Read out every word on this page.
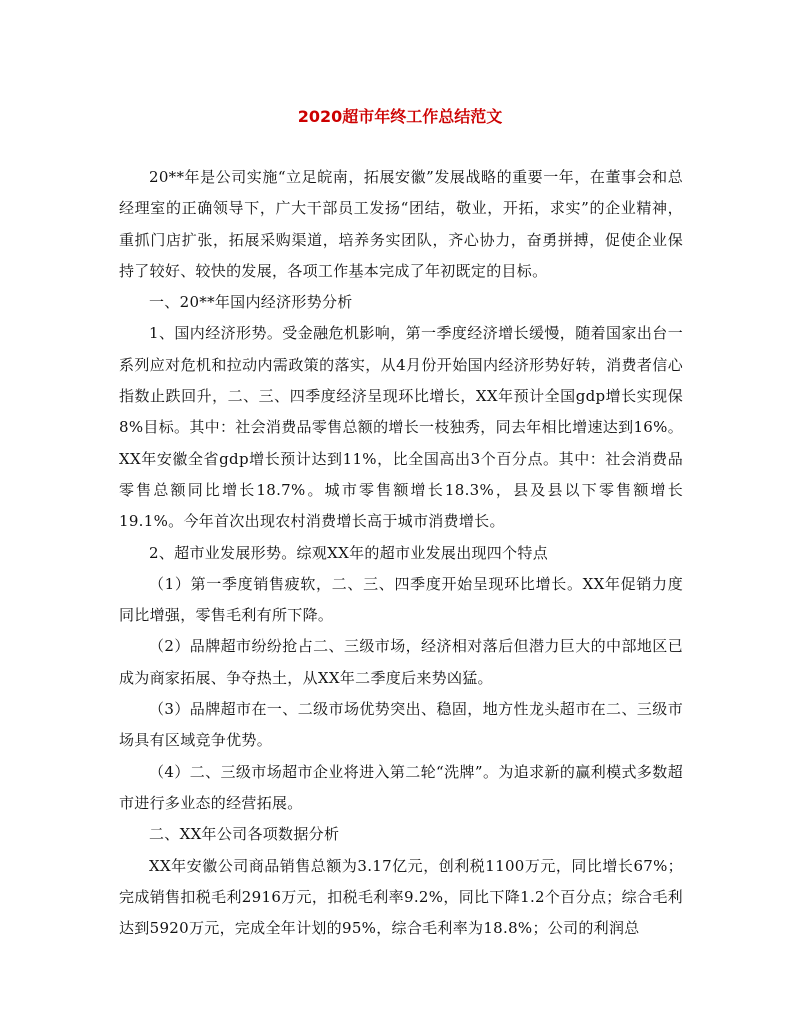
2020超市年终工作总结范文

20**年是公司实施“立足皖南，拓展安徽”发展战略的重要一年，在董事会和总经理室的正确领导下，广大干部员工发扬“团结，敬业，开拓，求实”的企业精神，重抓门店扩张，拓展采购渠道，培养务实团队，齐心协力，奋勇拼搏，促使企业保持了较好、较快的发展，各项工作基本完成了年初既定的目标。

一、20**年国内经济形势分析

1、国内经济形势。受金融危机影响，第一季度经济增长缓慢，随着国家出台一系列应对危机和拉动内需政策的落实，从4月份开始国内经济形势好转，消费者信心指数止跌回升，二、三、四季度经济呈现环比增长，XX年预计全国gdp增长实现保8%目标。其中：社会消费品零售总额的增长一枝独秀，同去年相比增速达到16%。XX年安徽全省gdp增长预计达到11%，比全国高出3个百分点。其中：社会消费品零售总额同比增长18.7%。城市零售额增长18.3%，县及县以下零售额增长19.1%。今年首次出现农村消费增长高于城市消费增长。

2、超市业发展形势。综观XX年的超市业发展出现四个特点

（1）第一季度销售疲软，二、三、四季度开始呈现环比增长。XX年促销力度同比增强，零售毛利有所下降。

（2）品牌超市纷纷抢占二、三级市场，经济相对落后但潜力巨大的中部地区已成为商家拓展、争夺热土，从XX年二季度后来势凶猛。

（3）品牌超市在一、二级市场优势突出、稳固，地方性龙头超市在二、三级市场具有区域竞争优势。

（4）二、三级市场超市企业将进入第二轮“洗牌”。为追求新的赢利模式多数超市进行多业态的经营拓展。

二、XX年公司各项数据分析

XX年安徽公司商品销售总额为3.17亿元，创利税1100万元，同比增长67%；完成销售扣税毛利2916万元，扣税毛利率9.2%，同比下降1.2个百分点；综合毛利达到5920万元，完成全年计划的95%，综合毛利率为18.8%；公司的利润总
